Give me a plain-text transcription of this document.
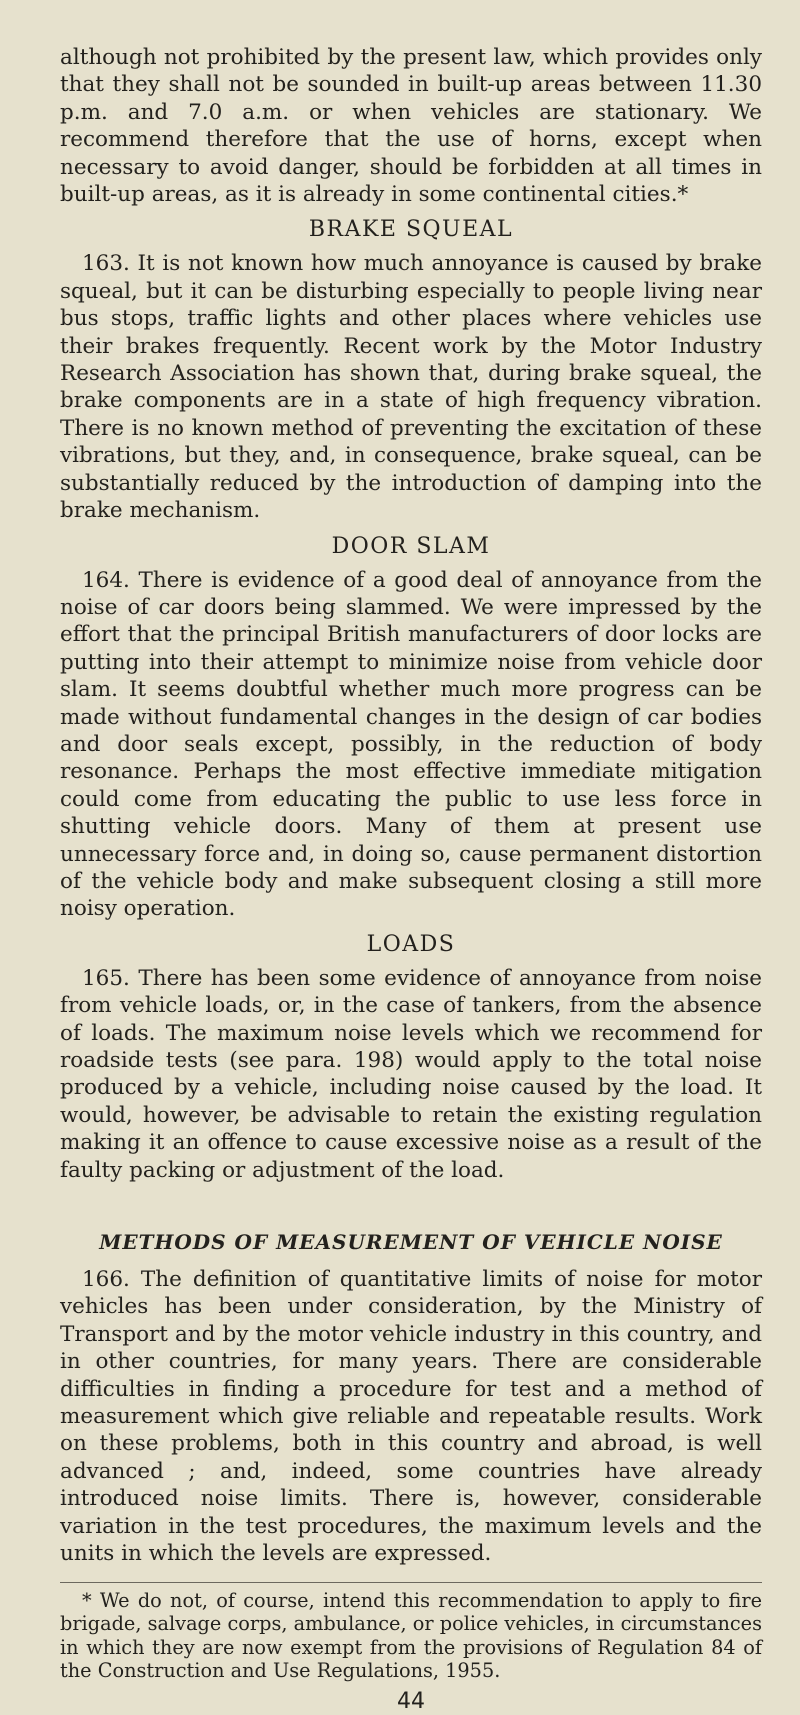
although not prohibited by the present law, which provides only that they shall not be sounded in built-up areas between 11.30 p.m. and 7.0 a.m. or when vehicles are stationary. We recommend therefore that the use of horns, except when necessary to avoid danger, should be forbidden at all times in built-up areas, as it is already in some continental cities.*

BRAKE SQUEAL

163. It is not known how much annoyance is caused by brake squeal, but it can be disturbing especially to people living near bus stops, traffic lights and other places where vehicles use their brakes frequently. Recent work by the Motor Industry Research Association has shown that, during brake squeal, the brake components are in a state of high frequency vibration. There is no known method of preventing the excitation of these vibrations, but they, and, in consequence, brake squeal, can be substantially reduced by the introduction of damping into the brake mechanism.

DOOR SLAM

164. There is evidence of a good deal of annoyance from the noise of car doors being slammed. We were impressed by the effort that the principal British manufacturers of door locks are putting into their attempt to minimize noise from vehicle door slam. It seems doubtful whether much more progress can be made without fundamental changes in the design of car bodies and door seals except, possibly, in the reduction of body resonance. Perhaps the most effective immediate mitigation could come from educating the public to use less force in shutting vehicle doors. Many of them at present use unnecessary force and, in doing so, cause permanent distortion of the vehicle body and make subsequent closing a still more noisy operation.

LOADS

165. There has been some evidence of annoyance from noise from vehicle loads, or, in the case of tankers, from the absence of loads. The maximum noise levels which we recommend for roadside tests (see para. 198) would apply to the total noise produced by a vehicle, including noise caused by the load. It would, however, be advisable to retain the existing regulation making it an offence to cause excessive noise as a result of the faulty packing or adjustment of the load.

METHODS OF MEASUREMENT OF VEHICLE NOISE

166. The definition of quantitative limits of noise for motor vehicles has been under consideration, by the Ministry of Transport and by the motor vehicle industry in this country, and in other countries, for many years. There are considerable difficulties in finding a procedure for test and a method of measurement which give reliable and repeatable results. Work on these problems, both in this country and abroad, is well advanced ; and, indeed, some countries have already introduced noise limits. There is, however, considerable variation in the test procedures, the maximum levels and the units in which the levels are expressed.

* We do not, of course, intend this recommendation to apply to fire brigade, salvage corps, ambulance, or police vehicles, in circumstances in which they are now exempt from the provisions of Regulation 84 of the Construction and Use Regulations, 1955.

44
